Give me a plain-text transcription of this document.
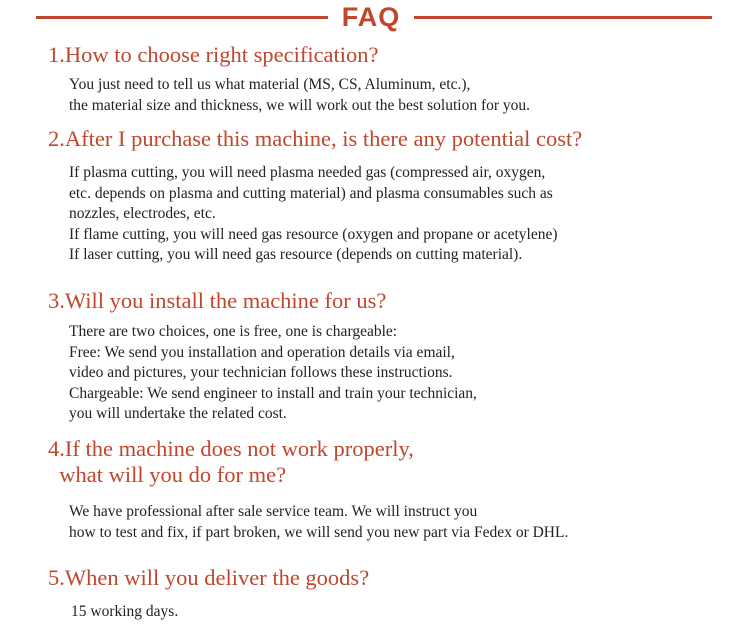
FAQ
1.How to choose right specification?
You just need to tell us what material (MS, CS, Aluminum, etc.),
the material size and thickness, we will work out the best solution for you.
2.After I purchase this machine, is there any potential cost?
If plasma cutting, you will need plasma needed gas (compressed air, oxygen,
etc. depends on plasma and cutting material) and plasma consumables such as
nozzles, electrodes, etc.
If flame cutting, you will need gas resource (oxygen and propane or acetylene)
If laser cutting, you will need gas resource (depends on cutting material).
3.Will you install the machine for us?
There are two choices, one is free, one is chargeable:
Free: We send you installation and operation details via email,
video and pictures, your technician follows these instructions.
Chargeable: We send engineer to install and train your technician,
you will undertake the related cost.
4.If the machine does not work properly,
what will you do for me?
We have professional after sale service team. We will instruct you
how to test and fix, if part broken, we will send you new part via Fedex or DHL.
5.When will you deliver the goods?
15 working days.
